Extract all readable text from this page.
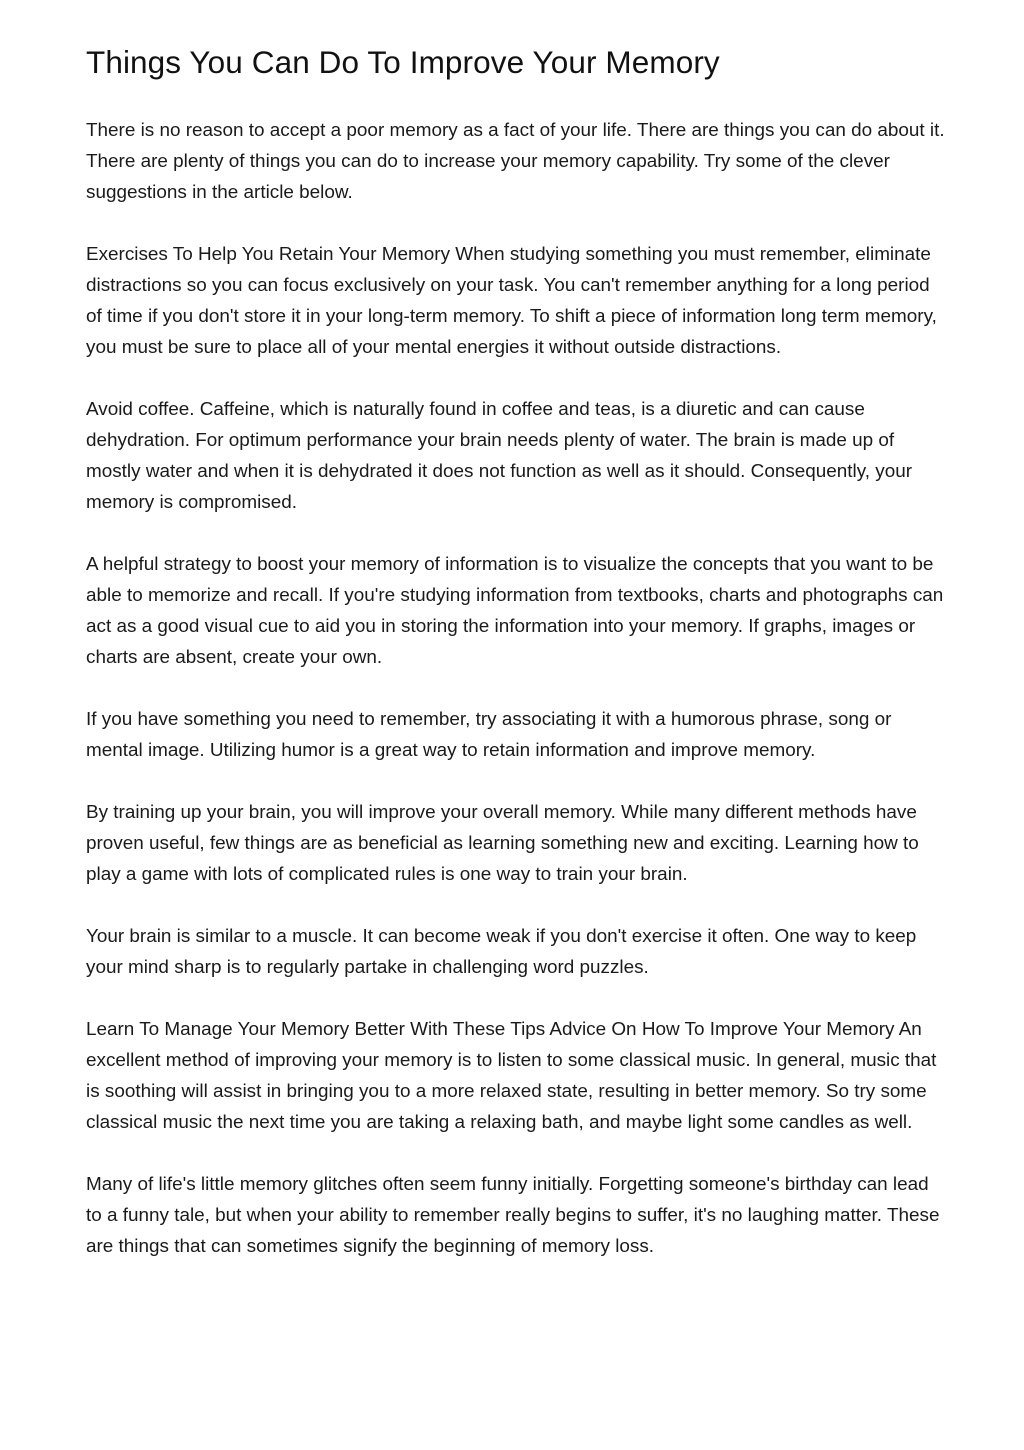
Things You Can Do To Improve Your Memory

There is no reason to accept a poor memory as a fact of your life. There are things you can do about it. There are plenty of things you can do to increase your memory capability. Try some of the clever suggestions in the article below.

Exercises To Help You Retain Your Memory When studying something you must remember, eliminate distractions so you can focus exclusively on your task. You can't remember anything for a long period of time if you don't store it in your long-term memory. To shift a piece of information long term memory, you must be sure to place all of your mental energies it without outside distractions.

Avoid coffee. Caffeine, which is naturally found in coffee and teas, is a diuretic and can cause dehydration. For optimum performance your brain needs plenty of water. The brain is made up of mostly water and when it is dehydrated it does not function as well as it should. Consequently, your memory is compromised.

A helpful strategy to boost your memory of information is to visualize the concepts that you want to be able to memorize and recall. If you're studying information from textbooks, charts and photographs can act as a good visual cue to aid you in storing the information into your memory. If graphs, images or charts are absent, create your own.

If you have something you need to remember, try associating it with a humorous phrase, song or mental image. Utilizing humor is a great way to retain information and improve memory.

By training up your brain, you will improve your overall memory. While many different methods have proven useful, few things are as beneficial as learning something new and exciting. Learning how to play a game with lots of complicated rules is one way to train your brain.

Your brain is similar to a muscle. It can become weak if you don't exercise it often. One way to keep your mind sharp is to regularly partake in challenging word puzzles.

Learn To Manage Your Memory Better With These Tips Advice On How To Improve Your Memory An excellent method of improving your memory is to listen to some classical music. In general, music that is soothing will assist in bringing you to a more relaxed state, resulting in better memory. So try some classical music the next time you are taking a relaxing bath, and maybe light some candles as well.

Many of life's little memory glitches often seem funny initially. Forgetting someone's birthday can lead to a funny tale, but when your ability to remember really begins to suffer, it's no laughing matter. These are things that can sometimes signify the beginning of memory loss.
